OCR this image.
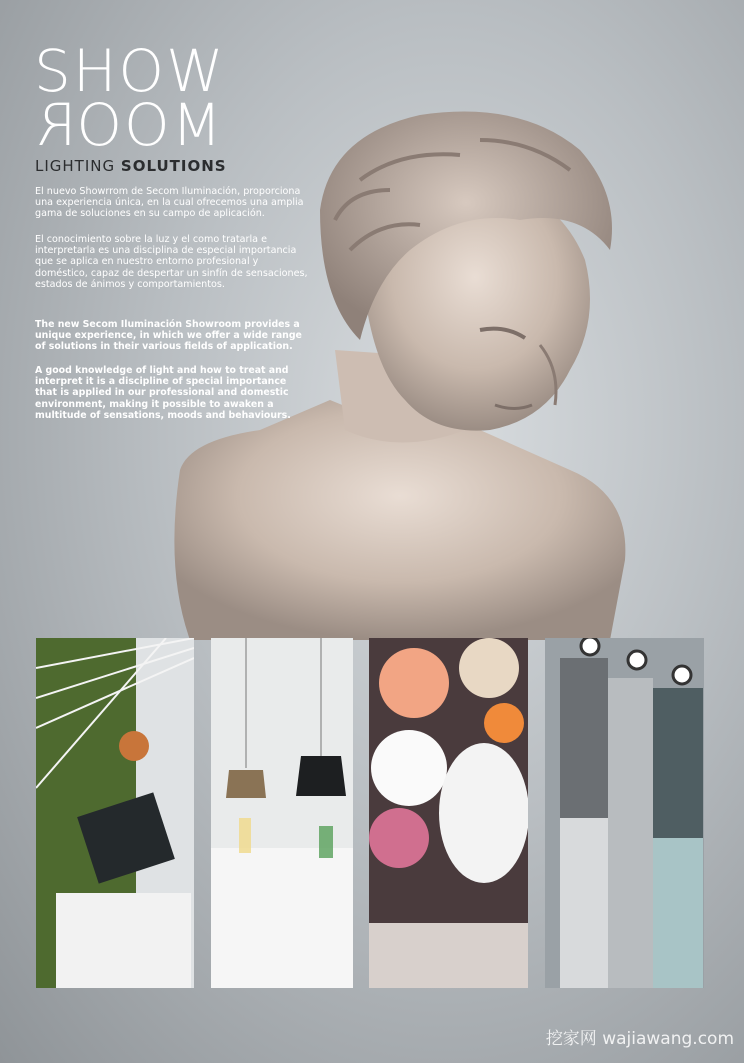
SHOW
ROOM
LIGHTING SOLUTIONS
El nuevo Showrrom de Secom Iluminación, proporciona una experiencia única, en la cual ofrecemos una amplia gama de soluciones en su campo de aplicación.
El conocimiento sobre la luz y el como tratarla e interpretarla es una disciplina de especial importancia que se aplica en nuestro entorno profesional y doméstico, capaz de despertar un sinfín de sensaciones, estados de ánimos y comportamientos.
The new Secom Iluminación Showroom provides a unique experience, in which we offer a wide range of solutions in their various fields of application.
A good knowledge of light and how to treat and interpret it is a discipline of special importance that is applied in our professional and domestic environment, making it possible to awaken a multitude of sensations, moods and behaviours.
挖家网 wajiawang.com
